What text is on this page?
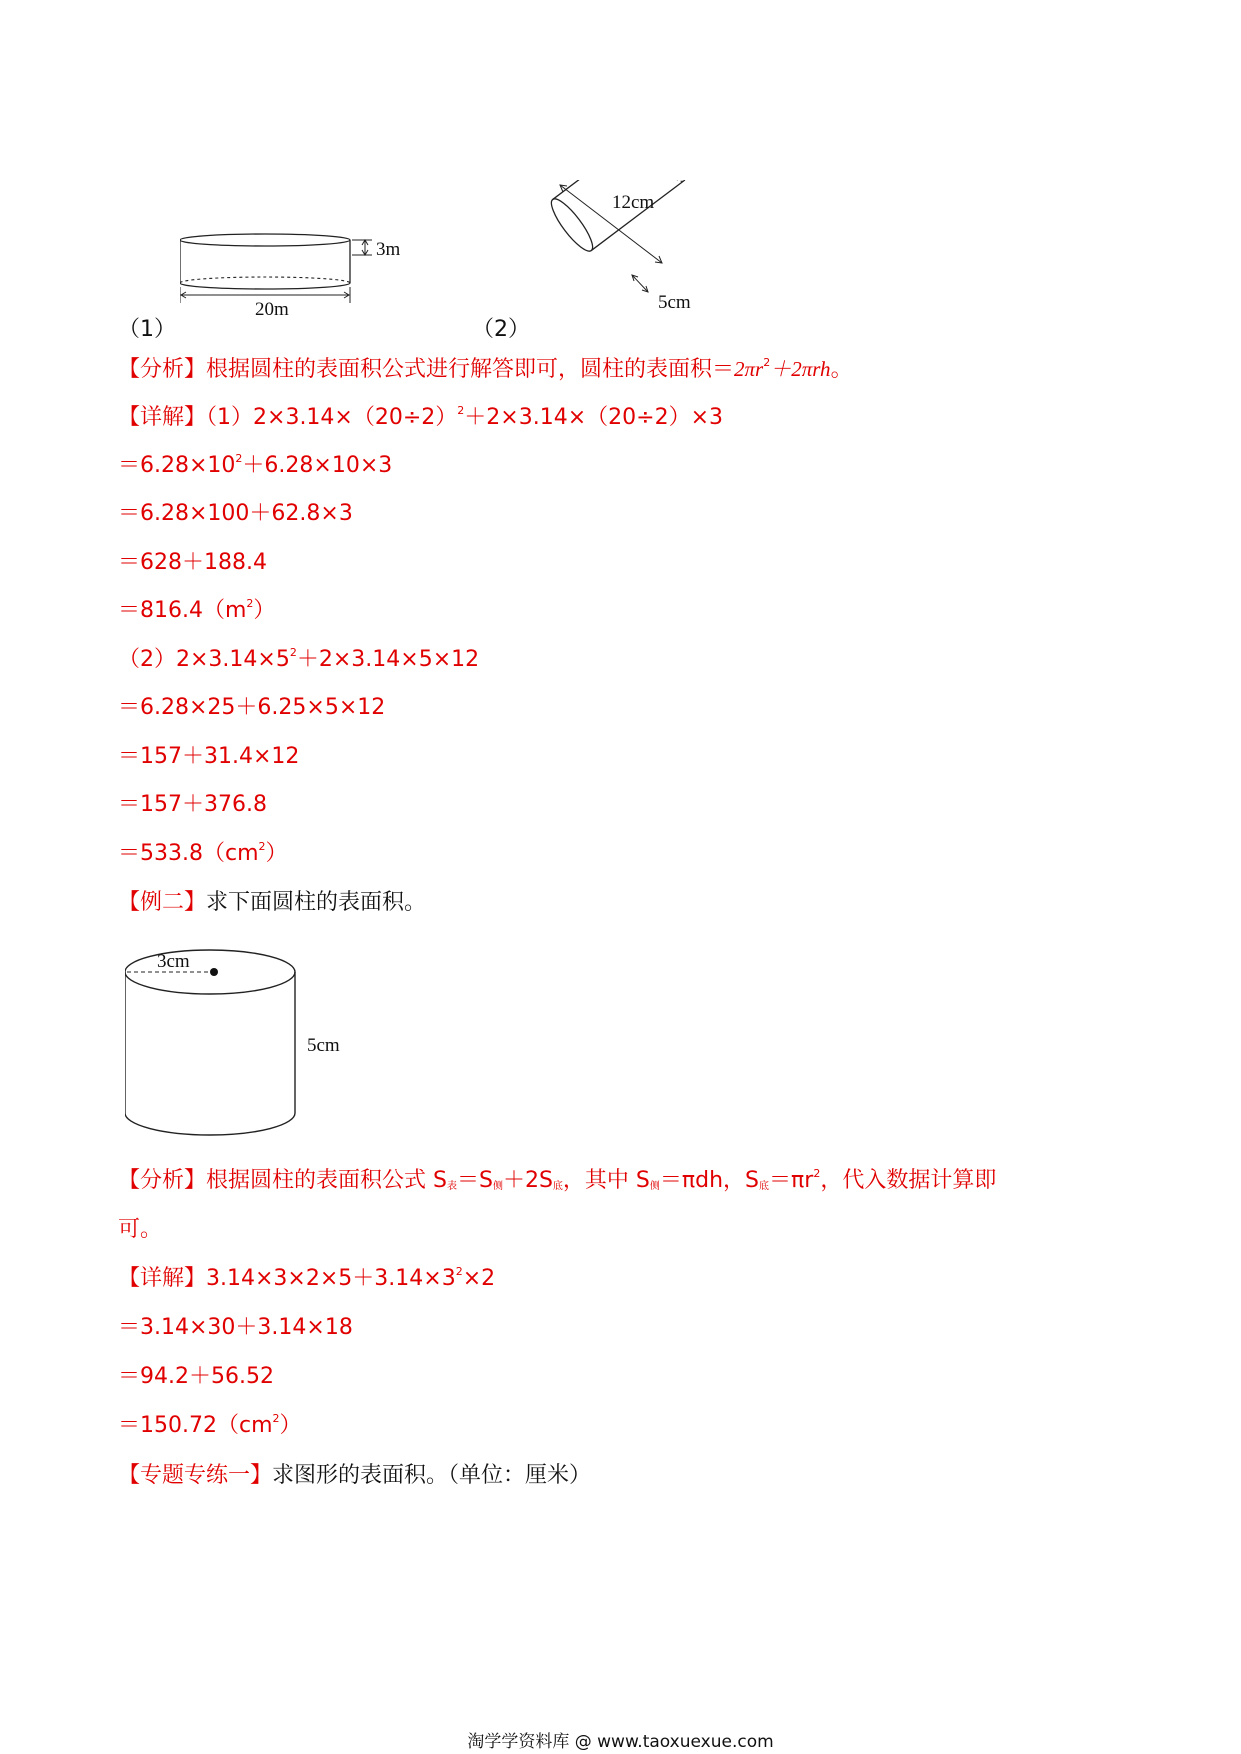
3m
20m
（1）
12cm
5cm
（2）
【分析】根据圆柱的表面积公式进行解答即可，圆柱的表面积$=2\pi r^2+2\pi rh$。
【详解】$(1)2\times 3.14\times(20\div 2)^2+2\times 3.14\times(20\div 2)\times 3$
$=6.28\times 10^2+6.28\times 10\times 3$
＝6.28×100＋62.8×3
＝628＋188.4
$=816.4(m^2)$
$(2)2\times 3.14\times 5^2+2\times 3.14\times 5\times 12$
＝6.28×25＋6.25×5×12
＝157＋31.4×12
＝157＋376.8
$=533.8(cm^2)$
【例二】求下面圆柱的表面积。
3cm
5cm
【分析】根据圆柱的表面积公式 $S_表=S_侧+2S_底$，其中 $S_侧=\pi dh$，$S_底=\pi r^2$，代入数据计算即
可。
【详解】$3.14\times 3\times 2\times 5+3.14\times 3^2\times 2$
＝3.14×30＋3.14×18
＝94.2＋56.52
$=150.72(cm^2)$
【专题专练一】求图形的表面积。（单位：厘米）
淘学学资料库 @ www.taoxuexue.com
